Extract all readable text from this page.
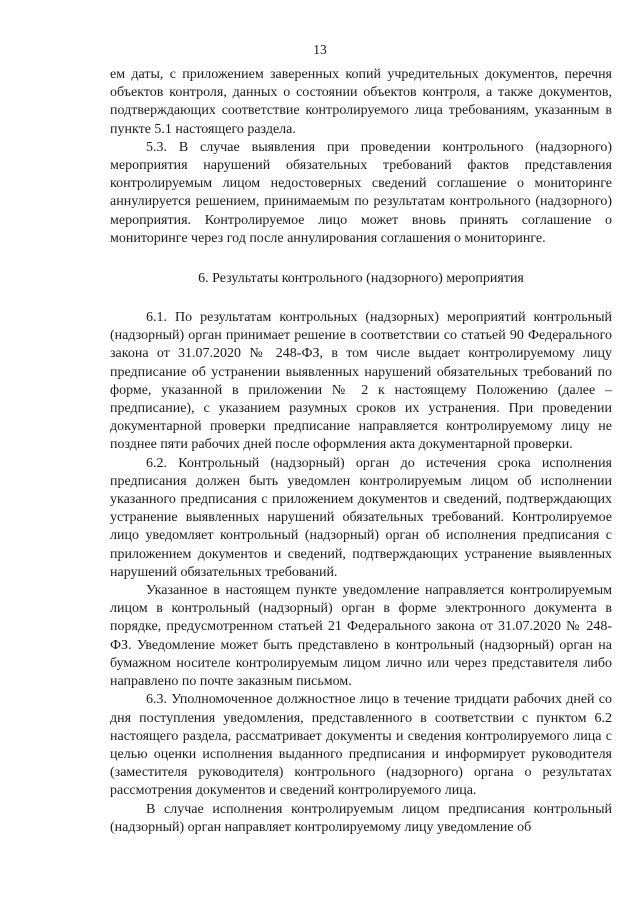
13

ем даты, с приложением заверенных копий учредительных документов, перечня объектов контроля, данных о состоянии объектов контроля, а также документов, подтверждающих соответствие контролируемого лица требованиям, указанным в пункте 5.1 настоящего раздела.

5.3. В случае выявления при проведении контрольного (надзорного) мероприятия нарушений обязательных требований фактов представления контролируемым лицом недостоверных сведений соглашение о мониторинге аннулируется решением, принимаемым по результатам контрольного (надзорного) мероприятия. Контролируемое лицо может вновь принять соглашение о мониторинге через год после аннулирования соглашения о мониторинге.

6. Результаты контрольного (надзорного) мероприятия

6.1. По результатам контрольных (надзорных) мероприятий контрольный (надзорный) орган принимает решение в соответствии со статьей 90 Федерального закона от 31.07.2020 № 248-ФЗ, в том числе выдает контролируемому лицу предписание об устранении выявленных нарушений обязательных требований по форме, указанной в приложении № 2 к настоящему Положению (далее – предписание), с указанием разумных сроков их устранения. При проведении документарной проверки предписание направляется контролируемому лицу не позднее пяти рабочих дней после оформления акта документарной проверки.

6.2. Контрольный (надзорный) орган до истечения срока исполнения предписания должен быть уведомлен контролируемым лицом об исполнении указанного предписания с приложением документов и сведений, подтверждающих устранение выявленных нарушений обязательных требований. Контролируемое лицо уведомляет контрольный (надзорный) орган об исполнения предписания с приложением документов и сведений, подтверждающих устранение выявленных нарушений обязательных требований.

Указанное в настоящем пункте уведомление направляется контролируемым лицом в контрольный (надзорный) орган в форме электронного документа в порядке, предусмотренном статьей 21 Федерального закона от 31.07.2020 № 248-ФЗ. Уведомление может быть представлено в контрольный (надзорный) орган на бумажном носителе контролируемым лицом лично или через представителя либо направлено по почте заказным письмом.

6.3. Уполномоченное должностное лицо в течение тридцати рабочих дней со дня поступления уведомления, представленного в соответствии с пунктом 6.2 настоящего раздела, рассматривает документы и сведения контролируемого лица с целью оценки исполнения выданного предписания и информирует руководителя (заместителя руководителя) контрольного (надзорного) органа о результатах рассмотрения документов и сведений контролируемого лица.

В случае исполнения контролируемым лицом предписания контрольный (надзорный) орган направляет контролируемому лицу уведомление об
